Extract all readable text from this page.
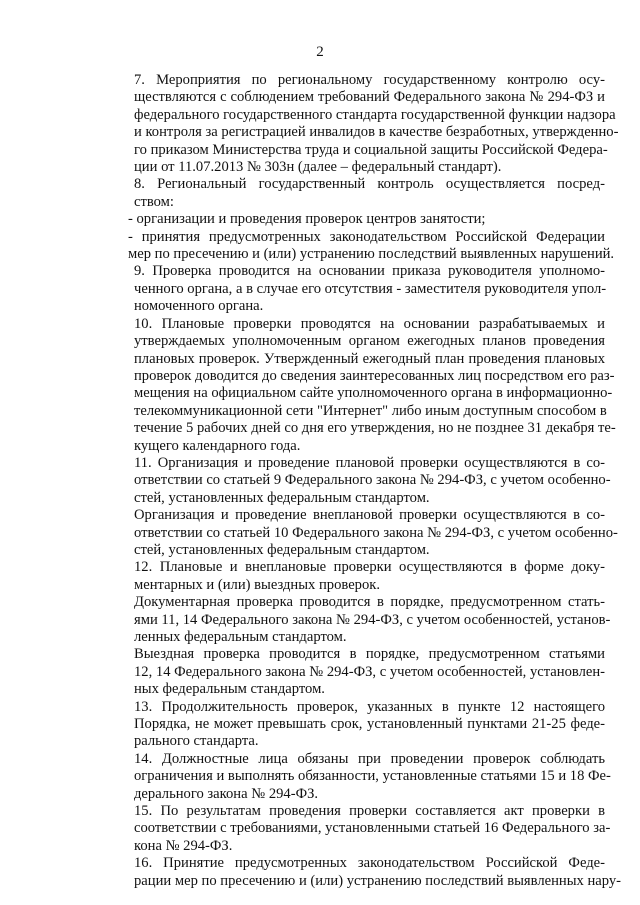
2
7. Мероприятия по региональному государственному контролю осу-
ществляются с соблюдением требований Федерального закона № 294-ФЗ и
федерального государственного стандарта государственной функции надзора
и контроля за регистрацией инвалидов в качестве безработных, утвержденно-
го приказом Министерства труда и социальной защиты Российской Федера-
ции от 11.07.2013 № 303н (далее – федеральный стандарт).
8. Региональный государственный контроль осуществляется посред-
ством:
- организации и проведения проверок центров занятости;
- принятия предусмотренных законодательством Российской Федерации
мер по пресечению и (или) устранению последствий выявленных нарушений.
9. Проверка проводится на основании приказа руководителя уполномо-
ченного органа, а в случае его отсутствия - заместителя руководителя упол-
номоченного органа.
10. Плановые проверки проводятся на основании разрабатываемых и
утверждаемых уполномоченным органом ежегодных планов проведения
плановых проверок. Утвержденный ежегодный план проведения плановых
проверок доводится до сведения заинтересованных лиц посредством его раз-
мещения на официальном сайте уполномоченного органа в информационно-
телекоммуникационной сети "Интернет" либо иным доступным способом в
течение 5 рабочих дней со дня его утверждения, но не позднее 31 декабря те-
кущего календарного года.
11. Организация и проведение плановой проверки осуществляются в со-
ответствии со статьей 9 Федерального закона № 294-ФЗ, с учетом особенно-
стей, установленных федеральным стандартом.
Организация и проведение внеплановой проверки осуществляются в со-
ответствии со статьей 10 Федерального закона № 294-ФЗ, с учетом особенно-
стей, установленных федеральным стандартом.
12. Плановые и внеплановые проверки осуществляются в форме доку-
ментарных и (или) выездных проверок.
Документарная проверка проводится в порядке, предусмотренном стать-
ями 11, 14 Федерального закона № 294-ФЗ, с учетом особенностей, установ-
ленных федеральным стандартом.
Выездная проверка проводится в порядке, предусмотренном статьями
12, 14 Федерального закона № 294-ФЗ, с учетом особенностей, установлен-
ных федеральным стандартом.
13. Продолжительность проверок, указанных в пункте 12 настоящего
Порядка, не может превышать срок, установленный пунктами 21-25 феде-
рального стандарта.
14. Должностные лица обязаны при проведении проверок соблюдать
ограничения и выполнять обязанности, установленные статьями 15 и 18 Фе-
дерального закона № 294-ФЗ.
15. По результатам проведения проверки составляется акт проверки в
соответствии с требованиями, установленными статьей 16 Федерального за-
кона № 294-ФЗ.
16. Принятие предусмотренных законодательством Российской Феде-
рации мер по пресечению и (или) устранению последствий выявленных нару-
